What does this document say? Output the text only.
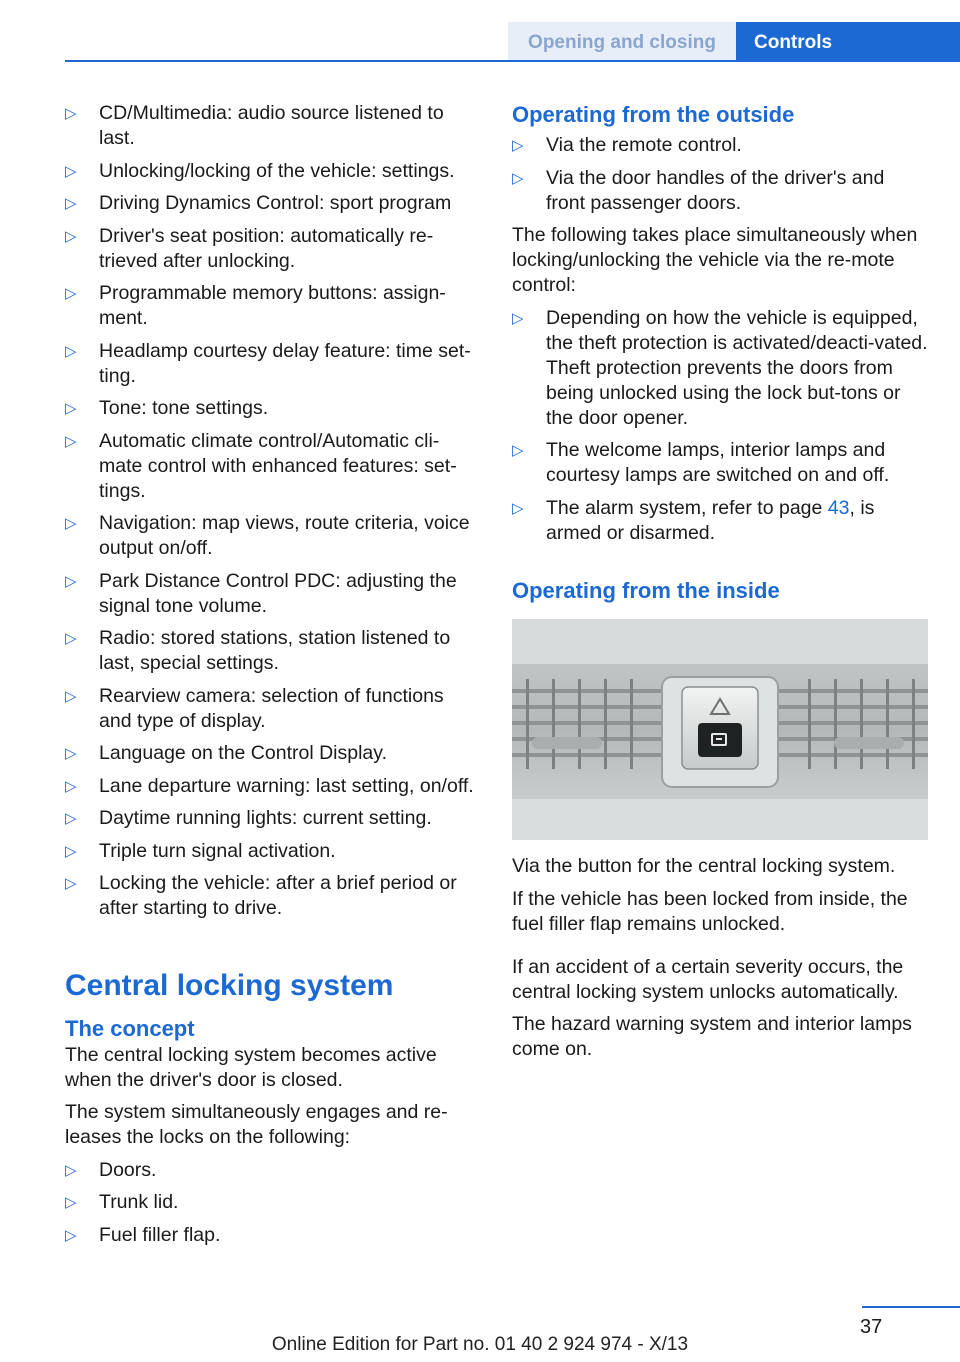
Opening and closing	Controls
▷ CD/Multimedia: audio source listened to last.
▷ Unlocking/locking of the vehicle: settings.
▷ Driving Dynamics Control: sport program
▷ Driver's seat position: automatically re‐trieved after unlocking.
▷ Programmable memory buttons: assign‐ment.
▷ Headlamp courtesy delay feature: time set‐ting.
▷ Tone: tone settings.
▷ Automatic climate control/Automatic cli‐mate control with enhanced features: set‐tings.
▷ Navigation: map views, route criteria, voice output on/off.
▷ Park Distance Control PDC: adjusting the signal tone volume.
▷ Radio: stored stations, station listened to last, special settings.
▷ Rearview camera: selection of functions and type of display.
▷ Language on the Control Display.
▷ Lane departure warning: last setting, on/off.
▷ Daytime running lights: current setting.
▷ Triple turn signal activation.
▷ Locking the vehicle: after a brief period or after starting to drive.
Central locking system
The concept

The central locking system becomes active when the driver's door is closed.

The system simultaneously engages and re‐leases the locks on the following:

▷ Doors.
▷ Trunk lid.
▷ Fuel filler flap.
Operating from the outside
▷ Via the remote control.
▷ Via the door handles of the driver's and front passenger doors.

The following takes place simultaneously when locking/unlocking the vehicle via the re‐mote control:

▷ Depending on how the vehicle is equipped, the theft protection is activated/deacti‐vated. Theft protection prevents the doors from being unlocked using the lock but‐tons or the door opener.
▷ The welcome lamps, interior lamps and courtesy lamps are switched on and off.
▷ The alarm system, refer to page 43, is armed or disarmed.
Operating from the inside

Via the button for the central locking system.

If the vehicle has been locked from inside, the fuel filler flap remains unlocked.

If an accident of a certain severity occurs, the central locking system unlocks automatically.

The hazard warning system and interior lamps come on.

37
Online Edition for Part no. 01 40 2 924 974 - X/13
